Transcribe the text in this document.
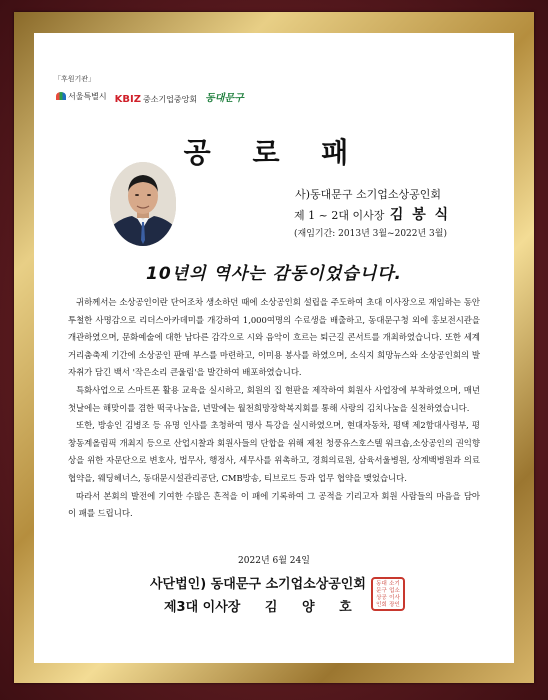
「후원기관」
서울특별시 KBIZ 중소기업중앙회 동대문구
공 로 패
사)동대문구 소기업소상공인회
제 1 ~ 2대 이사장 김 봉 식
(재임기간: 2013년 3월~2022년 3월)
10년의 역사는 감동이었습니다.

귀하께서는 소상공인이란 단어조차 생소하던 때에 소상공인회 설립을 주도하여 초대 이사장으로 재임하는 동안 투철한 사명감으로 리더스아카데미를 개강하여 1,000여명의 수료생을 배출하고, 동대문구청 외에 홍보전시관을 개관하였으며, 문화예술에 대한 남다른 감각으로 시와 음악이 흐르는 퇴근길 콘서트를 개최하였습니다. 또한 세계거리춤축제 기간에 소상공인 판매 부스를 마련하고, 이미용 봉사를 하였으며, 소식지 희망뉴스와 소상공인회의 발자취가 담긴 백서 '작은소리 큰울림'을 발간하여 배포하였습니다.

특화사업으로 스마트폰 활용 교육을 실시하고, 회원의 집 현판을 제작하여 회원사 사업장에 부착하였으며, 매년 첫날에는 해맞이를 겸한 떡국나눔을, 년말에는 월천희망장학복지회를 통해 사랑의 김치나눔을 실천하였습니다.

또한, 방송인 김병조 등 유명 인사를 초청하여 명사 특강을 실시하였으며, 현대자동차, 평택 제2함대사령부, 평창동계올림픽 개최지 등으로 산업시찰과 회원사들의 단합을 위해 제천 청풍유스호스텔 워크숍,소상공인의 권익향상을 위한 자문단으로 변호사, 법무사, 행정사, 세무사를 위촉하고, 경희의료원, 삼육서울병원, 상계백병원과 의료협약을, 웨딩헤너스, 동대문시설관리공단, CMB방송, 티브로드 등과 업무 협약을 맺었습니다.

따라서 본회의 발전에 기여한 수많은 흔적을 이 패에 기록하여 그 공적을 기리고자 회원 사람들의 마음을 담아 이 패를 드립니다.

2022년 6월 24일
사단법인) 동대문구 소기업소상공인회
제3대 이사장 김 양 호
동대문구
소기업소
상공인회
이사장인
